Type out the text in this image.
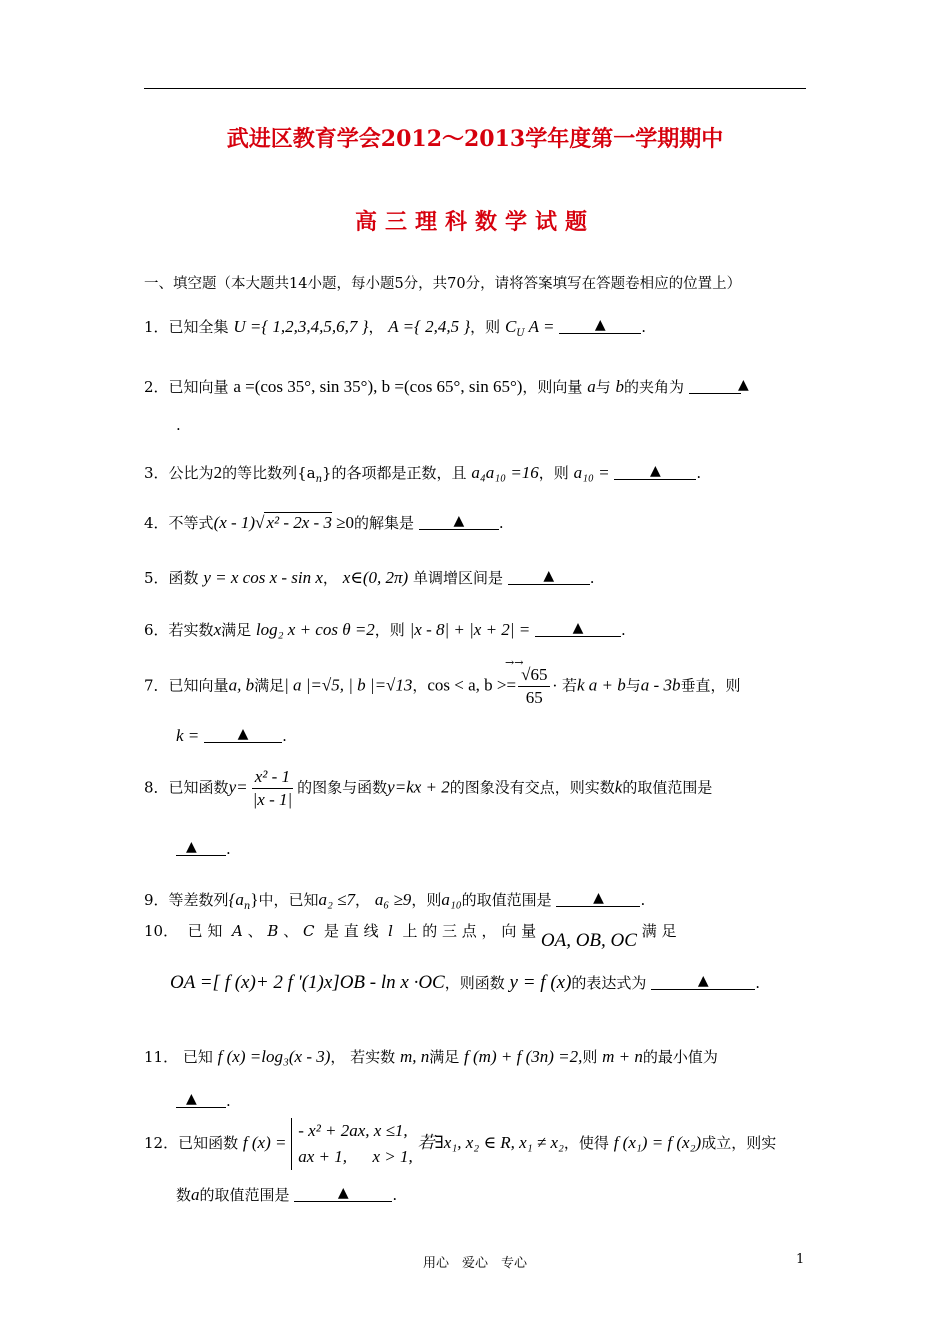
武进区教育学会2012～2013学年度第一学期期中
高三理科数学试题
一、填空题（本大题共14小题，每小题5分，共70分，请将答案填写在答题卷相应的位置上）
1．已知全集 U ={ 1,2,3,4,5,6,7 }， A ={ 2,4,5 }，则 $C_U$ A =	▲ .
2．已知向量 a =(cos 35°, sin 35°), b =(cos 65°, sin 65°)，则向量 a与 b的夹角为	▲
.
3．公比为2的等比数列$\{a_n\}$的各项都是正数，且 a₄a₁₀ =16，则 a₁₀ =	▲ .
4．不等式(x - 1)√ x² - 2x - 3 ≥0的解集是	▲ .
5．函数 y = x cos x - sin x， x∈(0, 2π) 单调增区间是	▲ .
6．若实数x满足 log₂ x + cos θ =2，则 |x - 8| + |x + 2| =	▲	.
→→
7．已知向量a, b满足| a |=√5, | b |=√13，cos < a, $b >= \frac{√65}{65}$ · 若k a + b与a - 3b垂直，则
k =	▲ .
8．已知函数$y= \frac{\text{x² - 1}}{|x - 1|}$ 的图象与函数y=kx + 2的图象没有交点，则实数k的取值范围是
▲ .
9．等差数列$\{a_n\}$中，已知a₂ ≤7， a₆ ≥9，则a₁₀的取值范围是	▲ .
10． 已 知 A 、 B 、 C 是 直 线 l 上 的 三 点 ， 向 量 OA, OB, OC 满 足
OA =[ f (x)+ 2 f '(1)x]OB - ln x ·OC，则函数 y = f (x)的表达式为	▲	.
11． 已知 f (x) =log₃(x - 3)， 若实数 m, n满足 f (m) + f (3n) =2,则 m + n的最小值为
▲ .
12．已知函数 f (x) =
- x² + 2ax, x ≤1,
ax + 1,      x > 1,
若∃x₁, x₂ ∈ R, x₁ ≠ x₂，使得 f (x₁) = f (x₂)成立，则实
数a的取值范围是	▲	.
用心　爱心　专心	1
